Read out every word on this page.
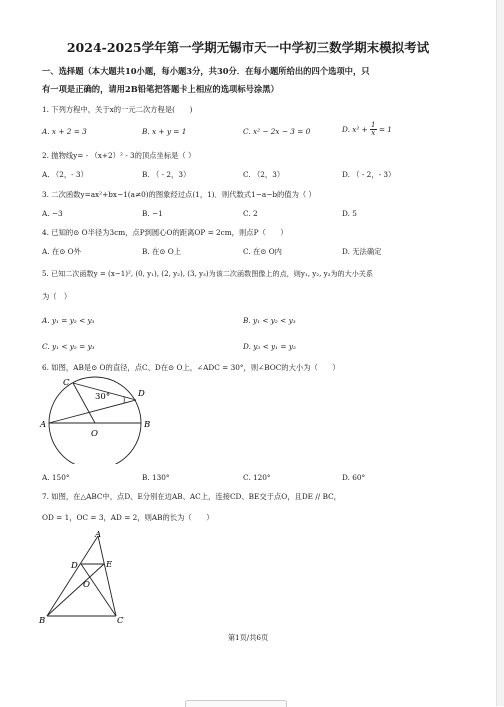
2024-2025学年第一学期无锡市天一中学初三数学期末模拟考试
一、选择题（本大题共10小题，每小题3分，共30分．在每小题所给出的四个选项中，只
有一项是正确的，请用2B铅笔把答题卡上相应的选项标号涂黑）
1. 下列方程中，关于x的一元二次方程是(　　)
A. x + 2 = 3	B. x + y = 1	C. x² − 2x − 3 = 0	D. $x^2 + \frac{1}{x} = 1$
2. 抛物线y= - （x+2）² - 3的顶点坐标是（ ）
A. （2，- 3）	B. （ - 2，3）	C. （2，3）	D. （ - 2，- 3）
3. 二次函数y=ax²+bx−1(a≠0)的图象经过点(1，1)．则代数式1−a−b的值为（ ）
A. −3	B. −1	C. 2	D. 5
4. 已知的⊙ O半径为3cm，点P到圆心O的距离OP = 2cm，则点P（　　）
A. 在⊙ O外	B. 在⊙ O上	C. 在⊙ O内	D. 无法确定
5. 已知二次函数y = (x−1)², (0, y₁), (2, y₂), (3, y₃)为该二次函数图像上的点，则y₁, y₂, y₃为的大小关系
为（　）
A. y₁ = y₂ < y₃	B. y₁ < y₂ < y₃
C. y₁ < y₂ = y₃	D. y₃ < y₁ = y₂
6. 如图，AB是⊙ O的直径，点C、D在⊙ O上，∠ADC = 30°，则∠BOC的大小为（　　）
C
D
A	B
O
30°
A. 150°	B. 130°	C. 120°	D. 60°
7. 如图，在△ABC中，点D、E分别在边AB、AC上，连接CD、BE交于点O，且DE // BC，
OD = 1，OC = 3，AD = 2，则AB的长为（　　）
A
D	E
O
B	C
第1页/共6页
